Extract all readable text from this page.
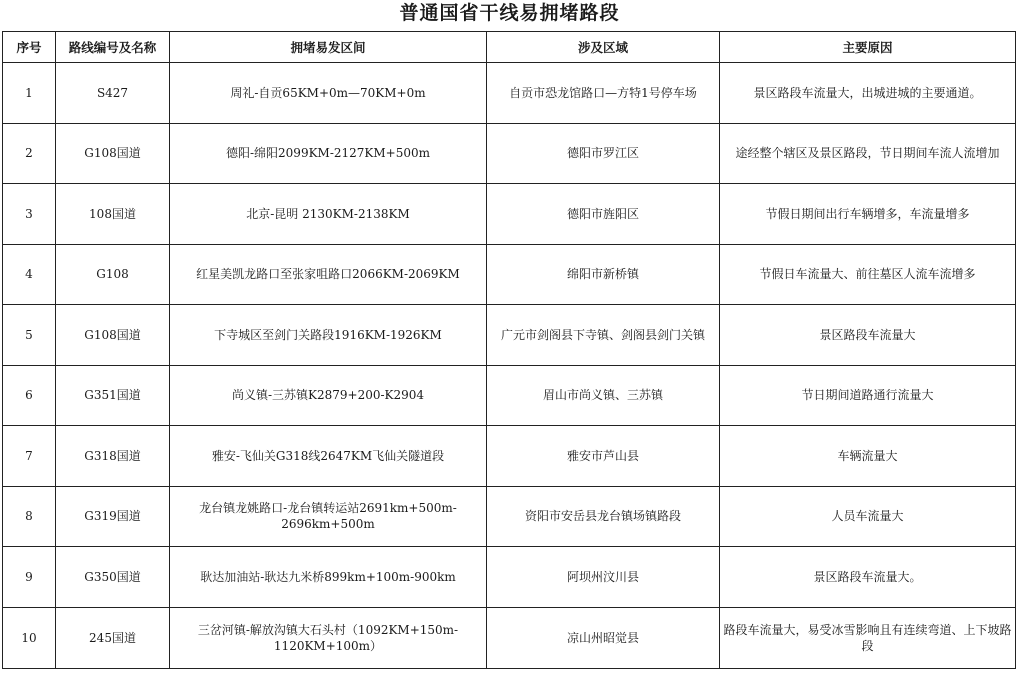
普通国省干线易拥堵路段
序号	路线编号及名称	拥堵易发区间	涉及区域	主要原因
1	S427	周礼-自贡65KM+0m—70KM+0m	自贡市恐龙馆路口—方特1号停车场	景区路段车流量大，出城进城的主要通道。
2	G108国道	德阳-绵阳2099KM-2127KM+500m	德阳市罗江区	途经整个辖区及景区路段，节日期间车流人流增加
3	108国道	北京-昆明 2130KM-2138KM	德阳市旌阳区	节假日期间出行车辆增多，车流量增多
4	G108	红星美凯龙路口至张家咀路口2066KM-2069KM	绵阳市新桥镇	节假日车流量大、前往墓区人流车流增多
5	G108国道	下寺城区至剑门关路段1916KM-1926KM	广元市剑阁县下寺镇、剑阁县剑门关镇	景区路段车流量大
6	G351国道	尚义镇-三苏镇K2879+200-K2904	眉山市尚义镇、三苏镇	节日期间道路通行流量大
7	G318国道	雅安-飞仙关G318线2647KM飞仙关隧道段	雅安市芦山县	车辆流量大
8	G319国道	龙台镇龙姚路口-龙台镇转运站2691km+500m-2696km+500m	资阳市安岳县龙台镇场镇路段	人员车流量大
9	G350国道	耿达加油站-耿达九米桥899km+100m-900km	阿坝州汶川县	景区路段车流量大。
10	245国道	三岔河镇-解放沟镇大石头村（1092KM+150m-1120KM+100m）	凉山州昭觉县	路段车流量大，易受冰雪影响且有连续弯道、上下坡路段
